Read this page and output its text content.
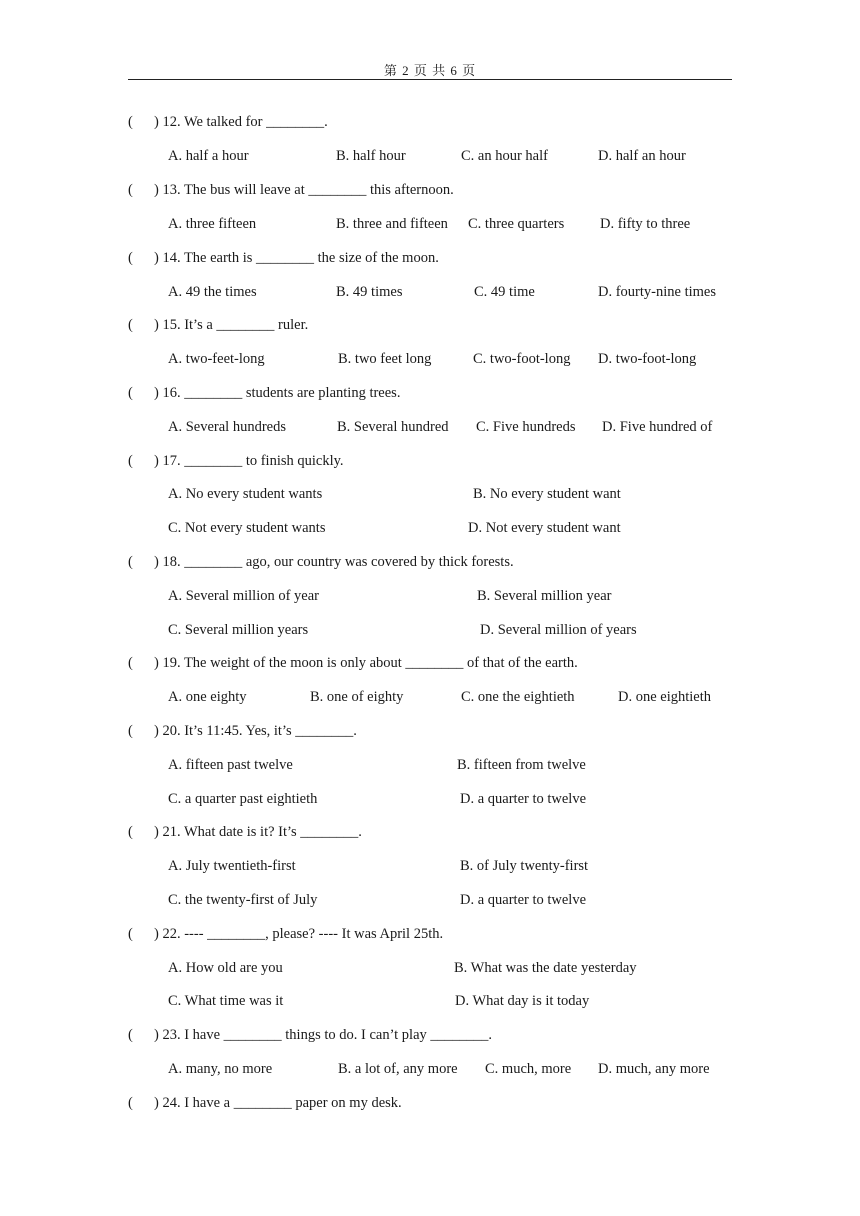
第 2 页 共 6 页
( ) 12. We talked for ________.
A. half a hour	B. half hour	C. an hour half	D. half an hour
( ) 13. The bus will leave at ________ this afternoon.
A. three fifteen	B. three and fifteen C. three quarters D. fifty to three
( ) 14. The earth is ________ the size of the moon.
A. 49 the times	B. 49 times	C. 49 time	D. fourty-nine times
( ) 15. It’s a ________ ruler.
A. two-feet-long	B. two feet long	C. two-foot-long D. two-foot-long
( ) 16. ________ students are planting trees.
A. Several hundreds	B. Several hundred C. Five hundreds D. Five hundred of
( ) 17. ________ to finish quickly.
A. No every student wants	B. No every student want
C. Not every student wants	D. Not every student want
( ) 18. ________ ago, our country was covered by thick forests.
A. Several million of year	B. Several million year
C. Several million years	D. Several million of years
( ) 19. The weight of the moon is only about ________ of that of the earth.
A. one eighty	B. one of eighty	C. one the eightieth	D. one eightieth
( ) 20. It’s 11:45. Yes, it’s ________.
A. fifteen past twelve	B. fifteen from twelve
C. a quarter past eightieth	D. a quarter to twelve
( ) 21. What date is it? It’s ________.
A. July twentieth-first	B. of July twenty-first
C. the twenty-first of July	D. a quarter to twelve
( ) 22. ---- ________, please? ---- It was April 25th.
A. How old are you	B. What was the date yesterday
C. What time was it	D. What day is it today
( ) 23. I have ________ things to do. I can’t play ________.
A. many, no more	B. a lot of, any more C. much, more D. much, any more
( ) 24. I have a ________ paper on my desk.
